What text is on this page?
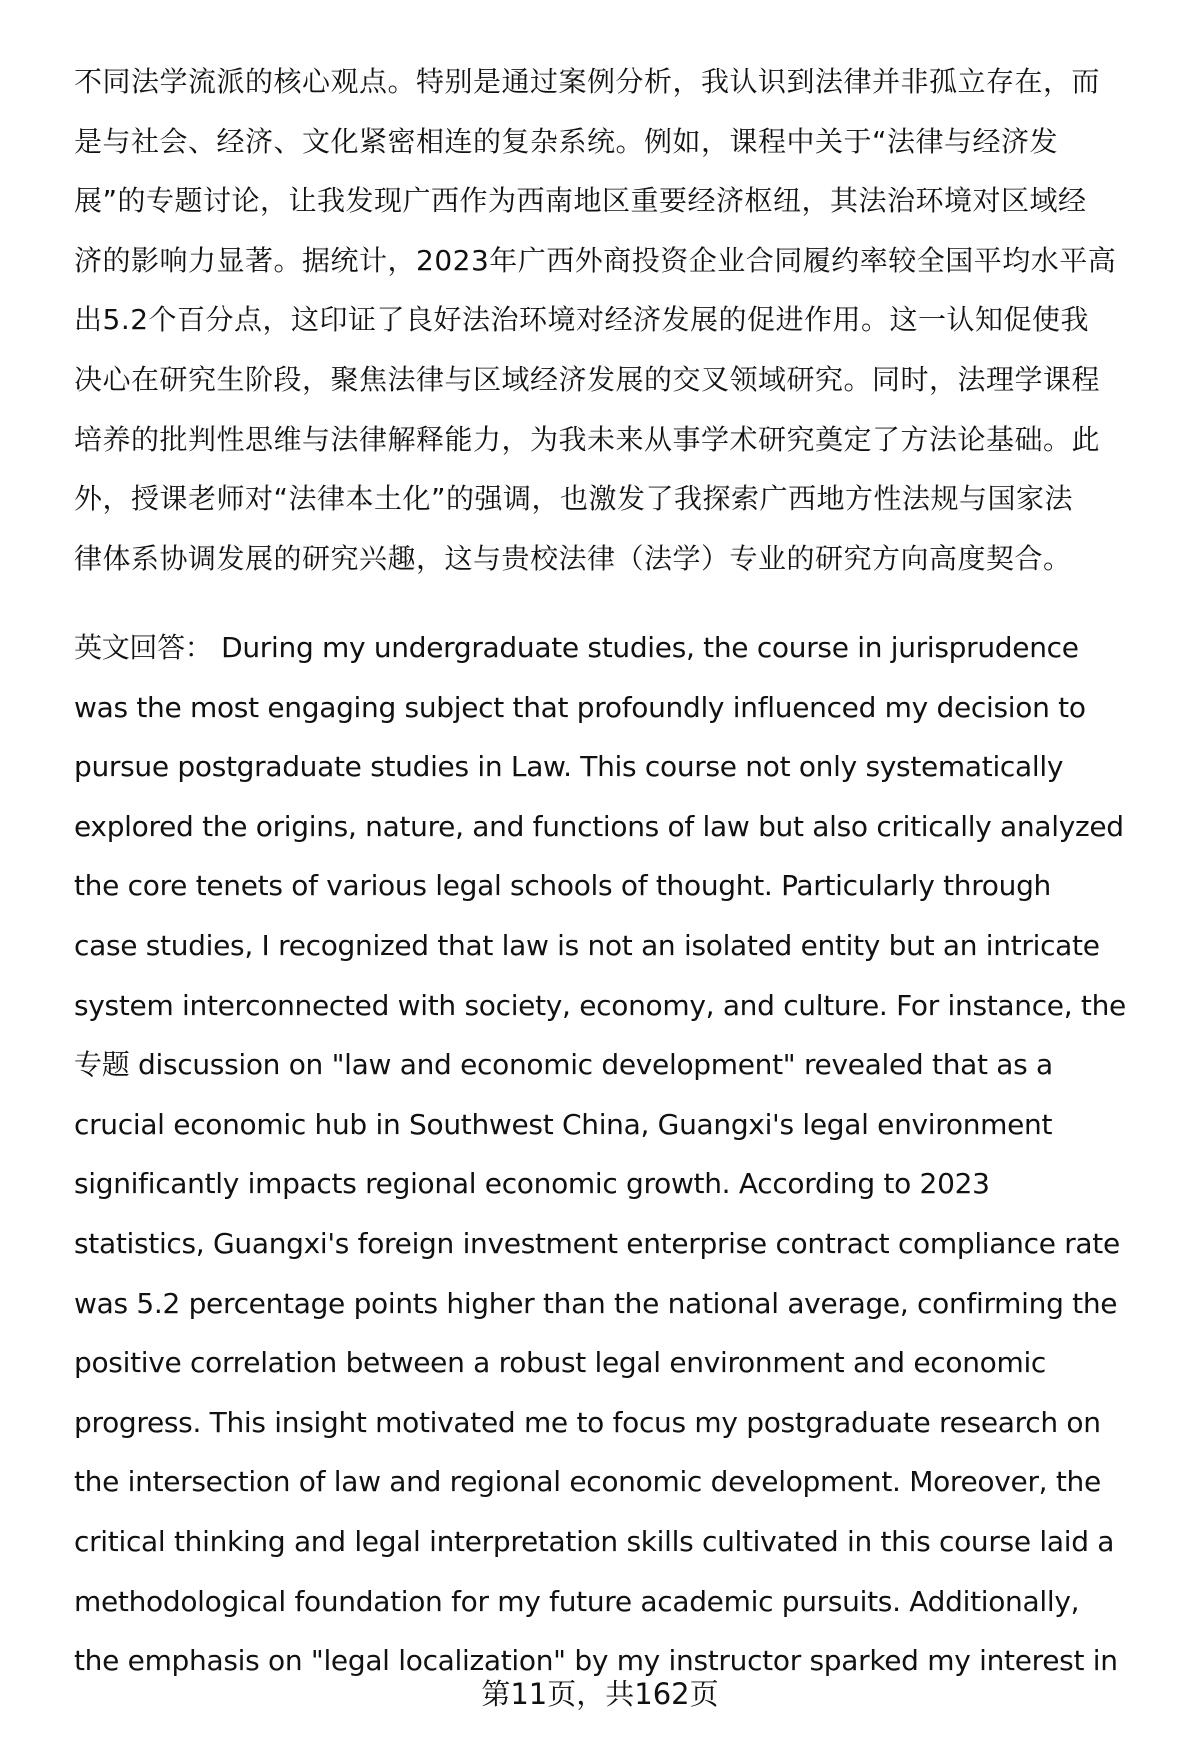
不同法学流派的核心观点。特别是通过案例分析，我认识到法律并非孤立存在，而
是与社会、经济、文化紧密相连的复杂系统。例如，课程中关于“法律与经济发
展”的专题讨论，让我发现广西作为西南地区重要经济枢纽，其法治环境对区域经
济的影响力显著。据统计，2023年广西外商投资企业合同履约率较全国平均水平高
出5.2个百分点，这印证了良好法治环境对经济发展的促进作用。这一认知促使我
决心在研究生阶段，聚焦法律与区域经济发展的交叉领域研究。同时，法理学课程
培养的批判性思维与法律解释能力，为我未来从事学术研究奠定了方法论基础。此
外，授课老师对“法律本土化”的强调，也激发了我探索广西地方性法规与国家法
律体系协调发展的研究兴趣，这与贵校法律（法学）专业的研究方向高度契合。
英文回答： During my undergraduate studies, the course in jurisprudence
was the most engaging subject that profoundly influenced my decision to
pursue postgraduate studies in Law. This course not only systematically
explored the origins, nature, and functions of law but also critically analyzed
the core tenets of various legal schools of thought. Particularly through
case studies, I recognized that law is not an isolated entity but an intricate
system interconnected with society, economy, and culture. For instance, the
专题 discussion on "law and economic development" revealed that as a
crucial economic hub in Southwest China, Guangxi's legal environment
significantly impacts regional economic growth. According to 2023
statistics, Guangxi's foreign investment enterprise contract compliance rate
was 5.2 percentage points higher than the national average, confirming the
positive correlation between a robust legal environment and economic
progress. This insight motivated me to focus my postgraduate research on
the intersection of law and regional economic development. Moreover, the
critical thinking and legal interpretation skills cultivated in this course laid a
methodological foundation for my future academic pursuits. Additionally,
the emphasis on "legal localization" by my instructor sparked my interest in
第11页，共162页
